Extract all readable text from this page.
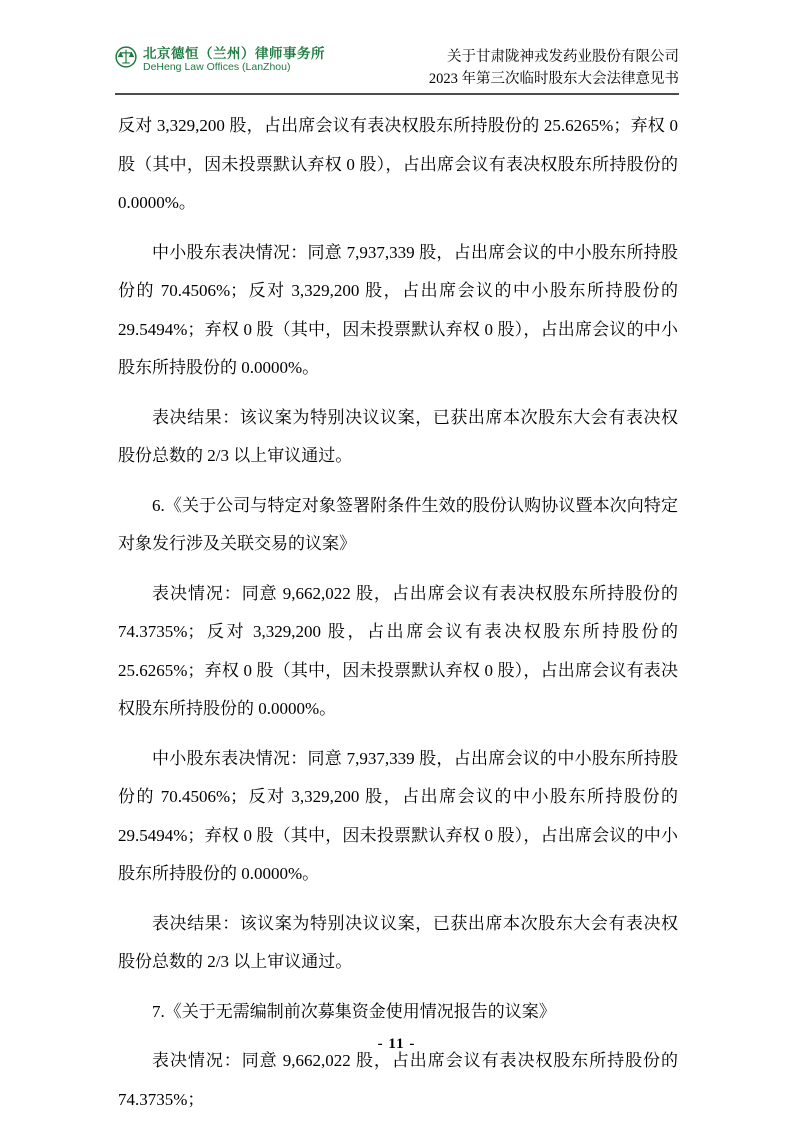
北京德恒（兰州）律师事务所
DeHeng Law Offices (LanZhou)
关于甘肃陇神戎发药业股份有限公司
2023 年第三次临时股东大会法律意见书

反对 3,329,200 股，占出席会议有表决权股东所持股份的 25.6265%；弃权 0 股（其中，因未投票默认弃权 0 股），占出席会议有表决权股东所持股份的 0.0000%。

中小股东表决情况：同意 7,937,339 股，占出席会议的中小股东所持股份的 70.4506%；反对 3,329,200 股，占出席会议的中小股东所持股份的 29.5494%；弃权 0 股（其中，因未投票默认弃权 0 股），占出席会议的中小股东所持股份的 0.0000%。

表决结果：该议案为特别决议议案，已获出席本次股东大会有表决权股份总数的 2/3 以上审议通过。

6.《关于公司与特定对象签署附条件生效的股份认购协议暨本次向特定对象发行涉及关联交易的议案》

表决情况：同意 9,662,022 股，占出席会议有表决权股东所持股份的 74.3735%；反对 3,329,200 股，占出席会议有表决权股东所持股份的 25.6265%；弃权 0 股（其中，因未投票默认弃权 0 股），占出席会议有表决权股东所持股份的 0.0000%。

中小股东表决情况：同意 7,937,339 股，占出席会议的中小股东所持股份的 70.4506%；反对 3,329,200 股，占出席会议的中小股东所持股份的 29.5494%；弃权 0 股（其中，因未投票默认弃权 0 股），占出席会议的中小股东所持股份的 0.0000%。

表决结果：该议案为特别决议议案，已获出席本次股东大会有表决权股份总数的 2/3 以上审议通过。

7.《关于无需编制前次募集资金使用情况报告的议案》

表决情况：同意 9,662,022 股，占出席会议有表决权股东所持股份的 74.3735%；

- 11 -
